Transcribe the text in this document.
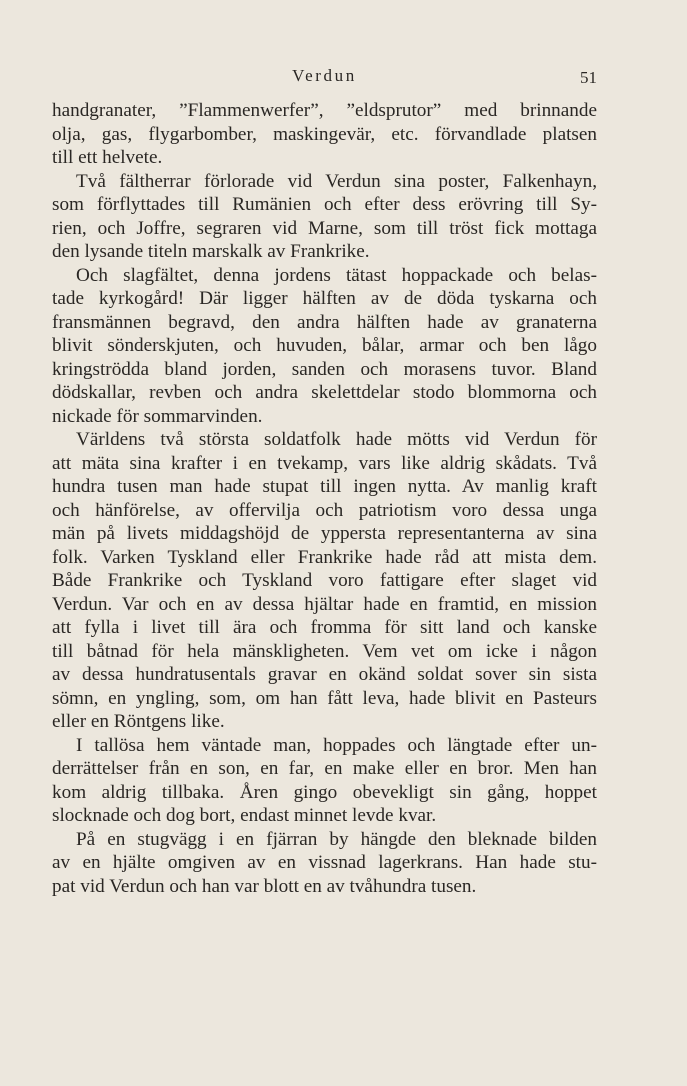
Verdun	51
handgranater, ”Flammenwerfer”, ”eldsprutor” med brinnande
olja, gas, flygarbomber, maskingevär, etc. förvandlade platsen
till ett helvete.
Två fältherrar förlorade vid Verdun sina poster, Falkenhayn,
som förflyttades till Rumänien och efter dess erövring till Sy-
rien, och Joffre, segraren vid Marne, som till tröst fick mottaga
den lysande titeln marskalk av Frankrike.
Och slagfältet, denna jordens tätast hoppackade och belas-
tade kyrkogård! Där ligger hälften av de döda tyskarna och
fransmännen begravd, den andra hälften hade av granaterna
blivit sönderskjuten, och huvuden, bålar, armar och ben lågo
kringströdda bland jorden, sanden och morasens tuvor. Bland
dödskallar, revben och andra skelettdelar stodo blommorna och
nickade för sommarvinden.
Världens två största soldatfolk hade mötts vid Verdun för
att mäta sina krafter i en tvekamp, vars like aldrig skådats. Två
hundra tusen man hade stupat till ingen nytta. Av manlig kraft
och hänförelse, av offervilja och patriotism voro dessa unga
män på livets middagshöjd de yppersta representanterna av sina
folk. Varken Tyskland eller Frankrike hade råd att mista dem.
Både Frankrike och Tyskland voro fattigare efter slaget vid
Verdun. Var och en av dessa hjältar hade en framtid, en mission
att fylla i livet till ära och fromma för sitt land och kanske
till båtnad för hela mänskligheten. Vem vet om icke i någon
av dessa hundratusentals gravar en okänd soldat sover sin sista
sömn, en yngling, som, om han fått leva, hade blivit en Pasteurs
eller en Röntgens like.
I tallösa hem väntade man, hoppades och längtade efter un-
derrättelser från en son, en far, en make eller en bror. Men han
kom aldrig tillbaka. Åren gingo obevekligt sin gång, hoppet
slocknade och dog bort, endast minnet levde kvar.
På en stugvägg i en fjärran by hängde den bleknade bilden
av en hjälte omgiven av en vissnad lagerkrans. Han hade stu-
pat vid Verdun och han var blott en av tvåhundra tusen.
